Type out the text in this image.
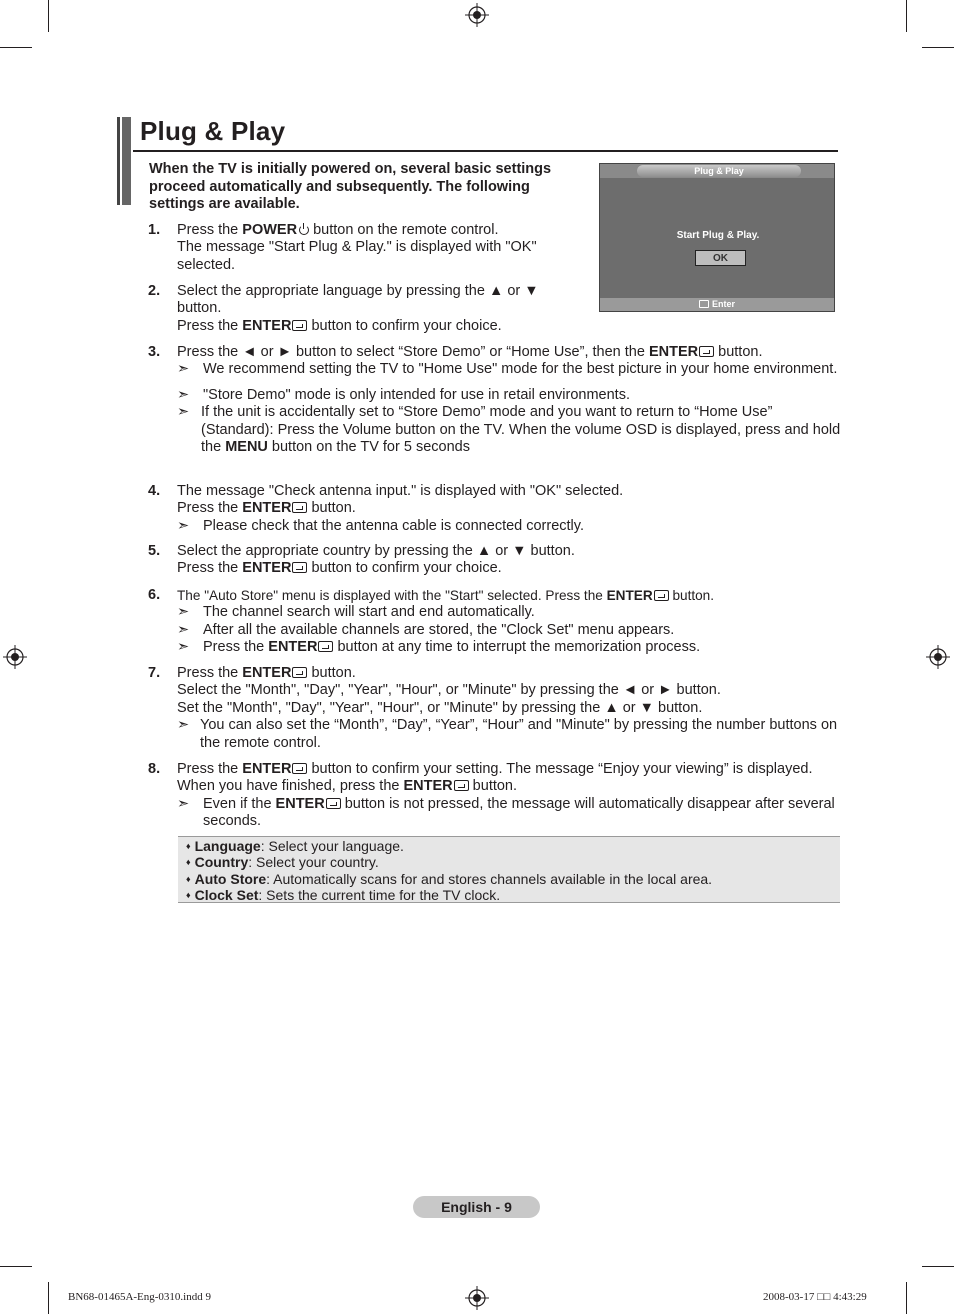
Plug & Play
When the TV is initially powered on, several basic settings proceed automatically and subsequently. The following settings are available.
Plug & Play
Start Plug & Play.
OK
Enter
1. Press the POWER button on the remote control.
The message "Start Plug & Play." is displayed with "OK" selected.
2. Select the appropriate language by pressing the ▲ or ▼ button.
Press the ENTER button to confirm your choice.
3. Press the ◄ or ► button to select “Store Demo” or “Home Use”, then the ENTER button.
➣ We recommend setting the TV to "Home Use" mode for the best picture in your home environment.
➣ "Store Demo" mode is only intended for use in retail environments.
➣ If the unit is accidentally set to “Store Demo” mode and you want to return to “Home Use” (Standard): Press the Volume button on the TV. When the volume OSD is displayed, press and hold the MENU button on the TV for 5 seconds
4. The message "Check antenna input." is displayed with "OK" selected.
Press the ENTER button.
➣ Please check that the antenna cable is connected correctly.
5. Select the appropriate country by pressing the ▲ or ▼ button.
Press the ENTER button to confirm your choice.
6. The "Auto Store" menu is displayed with the "Start" selected. Press the ENTER button.
➣ The channel search will start and end automatically.
➣ After all the available channels are stored, the "Clock Set" menu appears.
➣ Press the ENTER button at any time to interrupt the memorization process.
7. Press the ENTER button.
Select the "Month", "Day", "Year", "Hour", or "Minute" by pressing the ◄ or ► button.
Set the "Month", "Day", "Year", "Hour", or "Minute" by pressing the ▲ or ▼ button.
➣ You can also set the “Month”, “Day”, “Year”, “Hour” and "Minute" by pressing the number buttons on the remote control.
8. Press the ENTER button to confirm your setting. The message “Enjoy your viewing” is displayed.
When you have finished, press the ENTER button.
➣ Even if the ENTER button is not pressed, the message will automatically disappear after several seconds.
♦ Language: Select your language.
♦ Country: Select your country.
♦ Auto Store: Automatically scans for and stores channels available in the local area.
♦ Clock Set: Sets the current time for the TV clock.
English - 9
BN68-01465A-Eng-0310.indd 9	2008-03-17 □□ 4:43:29
